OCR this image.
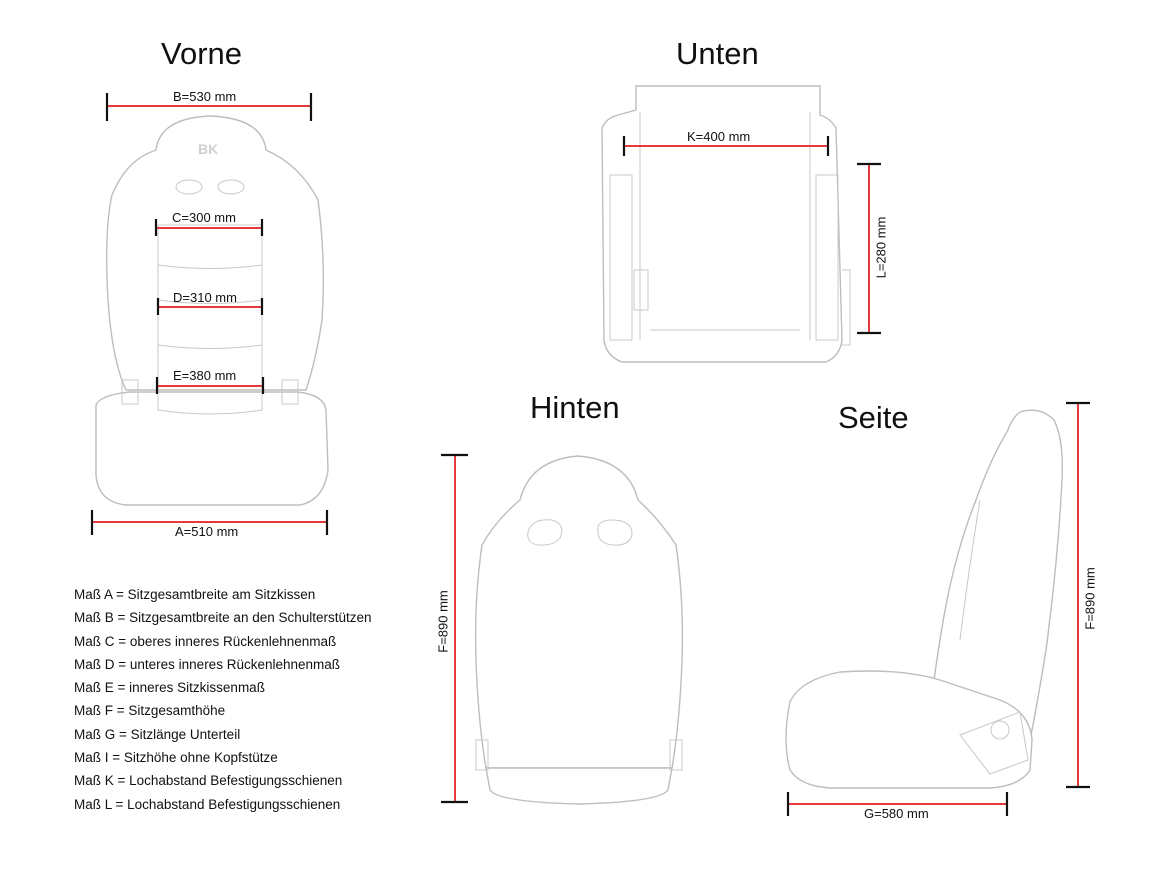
BK
Vorne	Unten
Hinten	Seite
B=530 mm
C=300 mm
D=310 mm
E=380 mm
A=510 mm
K=400 mm
G=580 mm
L=280 mm
F=890 mm	F=890 mm
Maß A = Sitzgesamtbreite am Sitzkissen
Maß B = Sitzgesamtbreite an den Schulterstützen
Maß C = oberes inneres Rückenlehnenmaß
Maß D = unteres inneres Rückenlehnenmaß
Maß E = inneres Sitzkissenmaß
Maß F = Sitzgesamthöhe
Maß G = Sitzlänge Unterteil
Maß I = Sitzhöhe ohne Kopfstütze
Maß K = Lochabstand Befestigungsschienen
Maß L = Lochabstand Befestigungsschienen
